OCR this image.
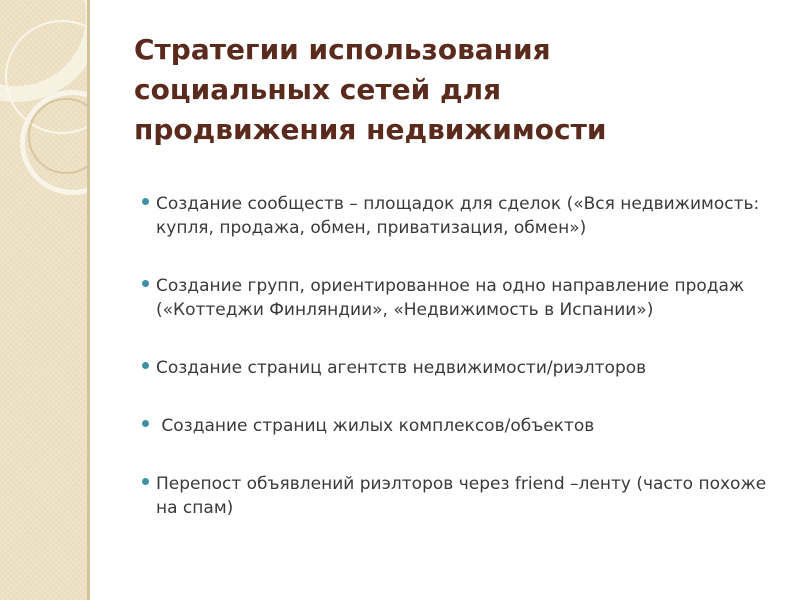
Стратегии использования
социальных сетей для
продвижения недвижимости
Создание сообществ – площадок для сделок («Вся недвижимость: купля, продажа, обмен, приватизация, обмен»)
Создание групп, ориентированное на одно направление продаж («Коттеджи Финляндии», «Недвижимость в Испании»)
Создание страниц агентств недвижимости/риэлторов
Создание страниц жилых комплексов/объектов
Перепост объявлений риэлторов через friend –ленту (часто похоже на спам)
